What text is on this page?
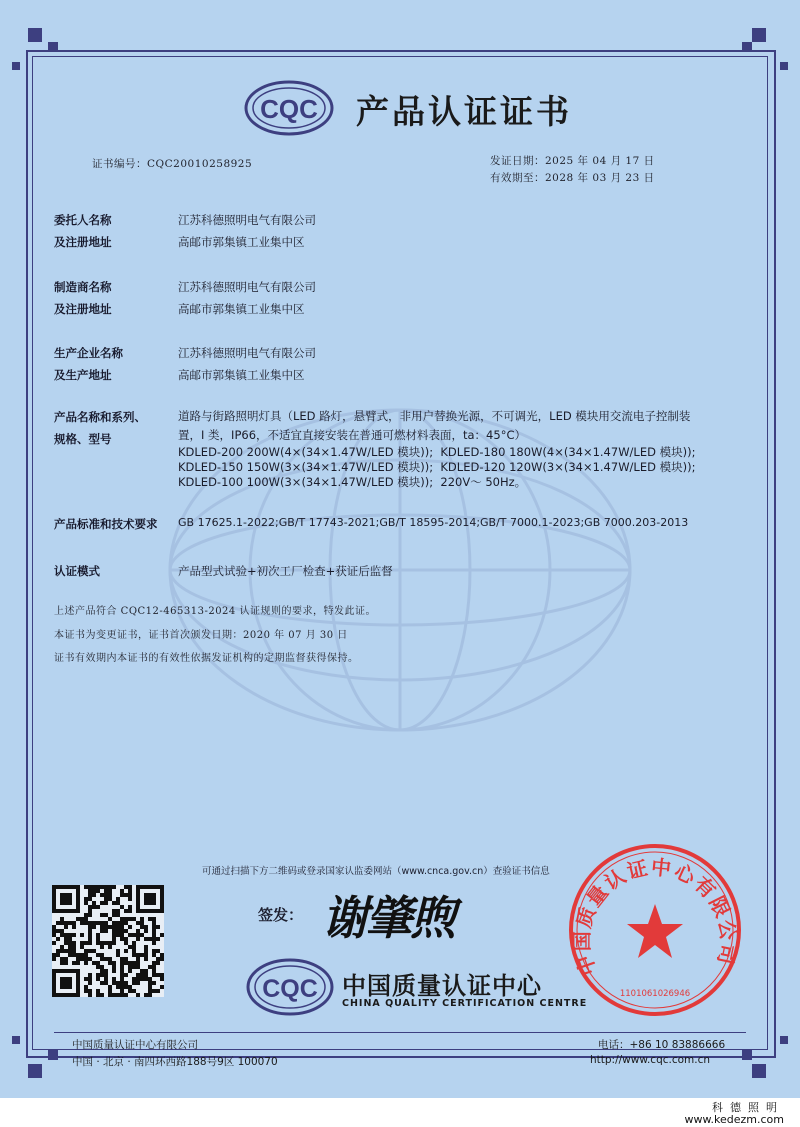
CQC 产品认证证书
证书编号：CQC20010258925	发证日期：2025 年 04 月 17 日
有效期至：2028 年 03 月 23 日
委托人名称
及注册地址
江苏科德照明电气有限公司
高邮市郭集镇工业集中区
制造商名称
及注册地址
江苏科德照明电气有限公司
高邮市郭集镇工业集中区
生产企业名称
及生产地址
江苏科德照明电气有限公司
高邮市郭集镇工业集中区
产品名称和系列、
规格、型号
道路与街路照明灯具（LED 路灯，悬臂式，非用户替换光源，不可调光，LED 模块用交流电子控制装
置，I 类，IP66，不适宜直接安装在普通可燃材料表面，ta：45°C）
KDLED-200 200W(4×(34×1.47W/LED 模块));  KDLED-180 180W(4×(34×1.47W/LED 模块));
KDLED-150 150W(3×(34×1.47W/LED 模块));  KDLED-120 120W(3×(34×1.47W/LED 模块));
KDLED-100 100W(3×(34×1.47W/LED 模块));  220V～ 50Hz。
产品标准和技术要求 GB 17625.1-2022;GB/T 17743-2021;GB/T 18595-2014;GB/T 7000.1-2023;GB 7000.203-2013
认证模式	产品型式试验+初次工厂检查+获证后监督
上述产品符合 CQC12-465313-2024 认证规则的要求，特发此证。
本证书为变更证书，证书首次颁发日期：2020 年 07 月 30 日
证书有效期内本证书的有效性依据发证机构的定期监督获得保持。
可通过扫描下方二维码或登录国家认监委网站（www.cnca.gov.cn）查验证书信息
签发： 谢肇煦
CQC 中国质量认证中心
CHINA QUALITY CERTIFICATION CENTRE
中国质量认证中心有限公司
1101061026946
中国质量认证中心有限公司
中国 · 北京 · 南四环西路188号9区 100070
电话：+86 10 83886666
http://www.cqc.com.cn
科德照明
www.kedezm.com
